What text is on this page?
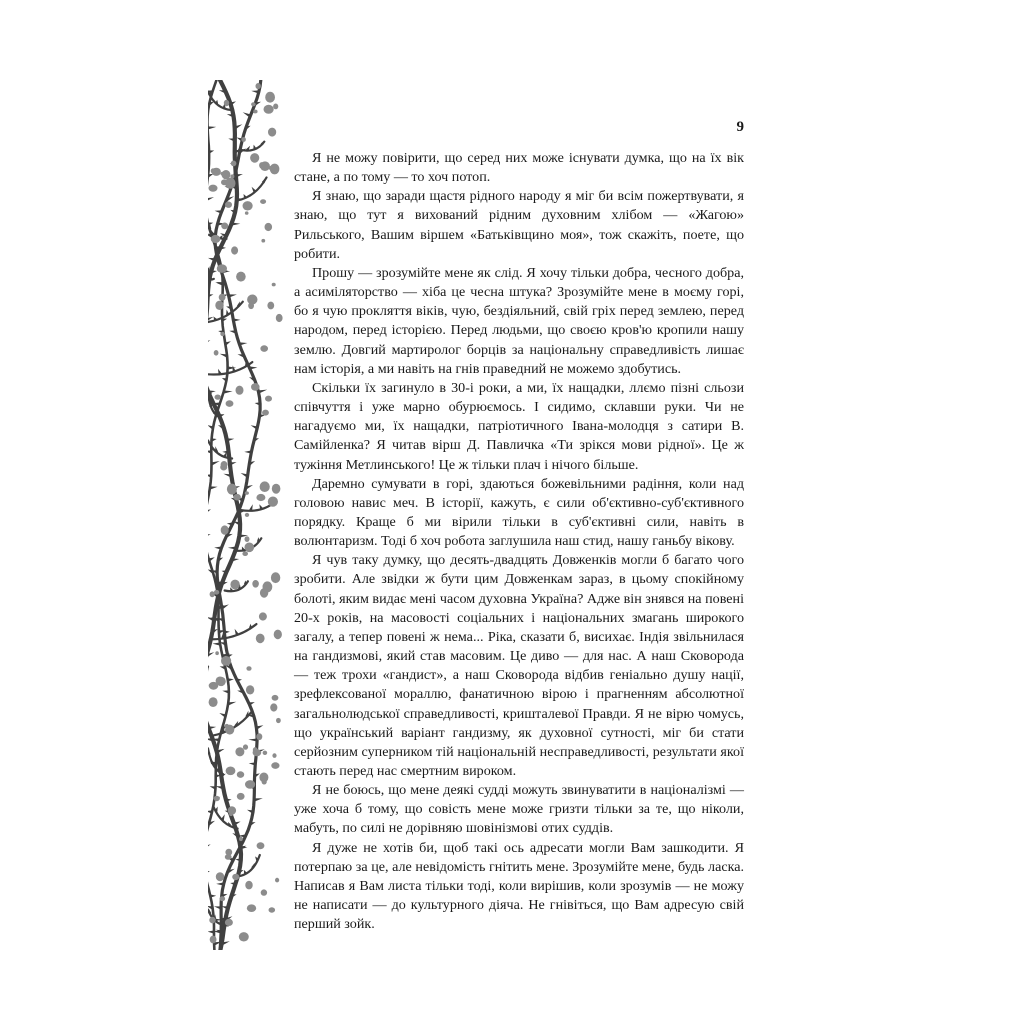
9

Я не можу повірити, що серед них може існувати думка, що на їх вік стане, а по тому — то хоч потоп.

Я знаю, що заради щастя рідного народу я міг би всім пожертвувати, я знаю, що тут я вихований рідним духовним хлібом — «Жагою» Рильського, Вашим віршем «Батьківщино моя», тож скажіть, поете, що робити.

Прошу — зрозумійте мене як слід. Я хочу тільки добра, чесного добра, а асиміляторство — хіба це чесна штука? Зрозумійте мене в моєму горі, бо я чую прокляття віків, чую, бездіяльний, свій гріх перед землею, перед народом, перед історією. Перед людьми, що своєю кров'ю кропили нашу землю. Довгий мартиролог борців за національну справедливість лишає нам історія, а ми навіть на гнів праведний не можемо здобутись.

Скільки їх загинуло в 30-і роки, а ми, їх нащадки, ллємо пізні сльози співчуття і уже марно обурюємось. І сидимо, склавши руки. Чи не нагадуємо ми, їх нащадки, патріотичного Івана-молодця з сатири В. Самійленка? Я читав вірш Д. Павличка «Ти зрікся мови рідної». Це ж тужіння Метлинського! Це ж тільки плач і нічого більше.

Даремно сумувати в горі, здаються божевільними радіння, коли над головою навис меч. В історії, кажуть, є сили об'єктивно-суб'єктивного порядку. Краще б ми вірили тільки в суб'єктивні сили, навіть в волюнтаризм. Тоді б хоч робота заглушила наш стид, нашу ганьбу вікову.

Я чув таку думку, що десять-двадцять Довженків могли б багато чого зробити. Але звідки ж бути цим Довженкам зараз, в цьому спокійному болоті, яким видає мені часом духовна Україна? Адже він знявся на повені 20-х років, на масовості соціальних і національних змагань широкого загалу, а тепер повені ж нема... Ріка, сказати б, висихає. Індія звільнилася на гандизмові, який став масовим. Це диво — для нас. А наш Сковорода — теж трохи «гандист», а наш Сковорода відбив геніально душу нації, зрефлексованої мораллю, фанатичною вірою і прагненням абсолютної загальнолюдської справедливості, кришталевої Правди. Я не вірю чомусь, що український варіант гандизму, як духовної сутності, міг би стати серйозним суперником тій національній несправедливості, результати якої стають перед нас смертним вироком.

Я не боюсь, що мене деякі судді можуть звинуватити в націоналізмі — уже хоча б тому, що совість мене може гризти тільки за те, що ніколи, мабуть, по силі не дорівняю шовінізмові отих суддів.

Я дуже не хотів би, щоб такі ось адресати могли Вам зашкодити. Я потерпаю за це, але невідомість гнітить мене. Зрозумійте мене, будь ласка. Написав я Вам листа тільки тоді, коли вирішив, коли зрозумів — не можу не написати — до культурного діяча. Не гнівіться, що Вам адресую свій перший зойк.
